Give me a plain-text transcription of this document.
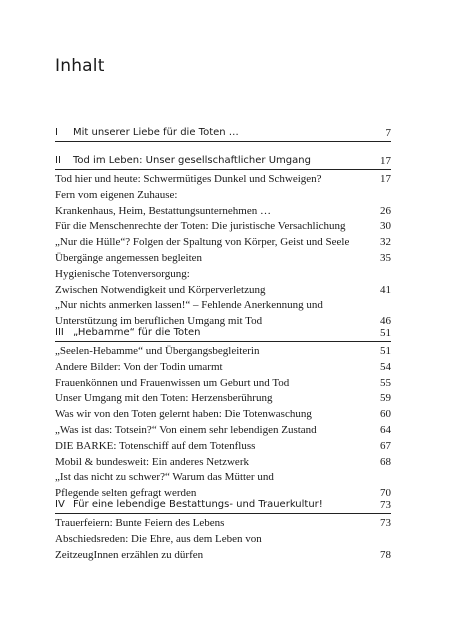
Inhalt
I Mit unserer Liebe für die Toten …	7
II Tod im Leben: Unser gesellschaftlicher Umgang	17
Tod hier und heute: Schwermütiges Dunkel und Schweigen?	17
Fern vom eigenen Zuhause:
Krankenhaus, Heim, Bestattungsunternehmen …	26
Für die Menschenrechte der Toten: Die juristische Versachlichung	30
„Nur die Hülle“? Folgen der Spaltung von Körper, Geist und Seele	32
Übergänge angemessen begleiten	35
Hygienische Totenversorgung:
Zwischen Notwendigkeit und Körperverletzung	41
„Nur nichts anmerken lassen!“ – Fehlende Anerkennung und
Unterstützung im beruflichen Umgang mit Tod	46
III „Hebamme“ für die Toten	51
„Seelen-Hebamme“ und Übergangsbegleiterin	51
Andere Bilder: Von der Todin umarmt	54
Frauenkönnen und Frauenwissen um Geburt und Tod	55
Unser Umgang mit den Toten: Herzensberührung	59
Was wir von den Toten gelernt haben: Die Totenwaschung	60
„Was ist das: Totsein?“ Von einem sehr lebendigen Zustand	64
DIE BARKE: Totenschiff auf dem Totenfluss	67
Mobil & bundesweit: Ein anderes Netzwerk	68
„Ist das nicht zu schwer?“ Warum das Mütter und
Pflegende selten gefragt werden	70
IV Für eine lebendige Bestattungs- und Trauerkultur!	73
Trauerfeiern: Bunte Feiern des Lebens	73
Abschiedsreden: Die Ehre, aus dem Leben von
ZeitzeugInnen erzählen zu dürfen	78
